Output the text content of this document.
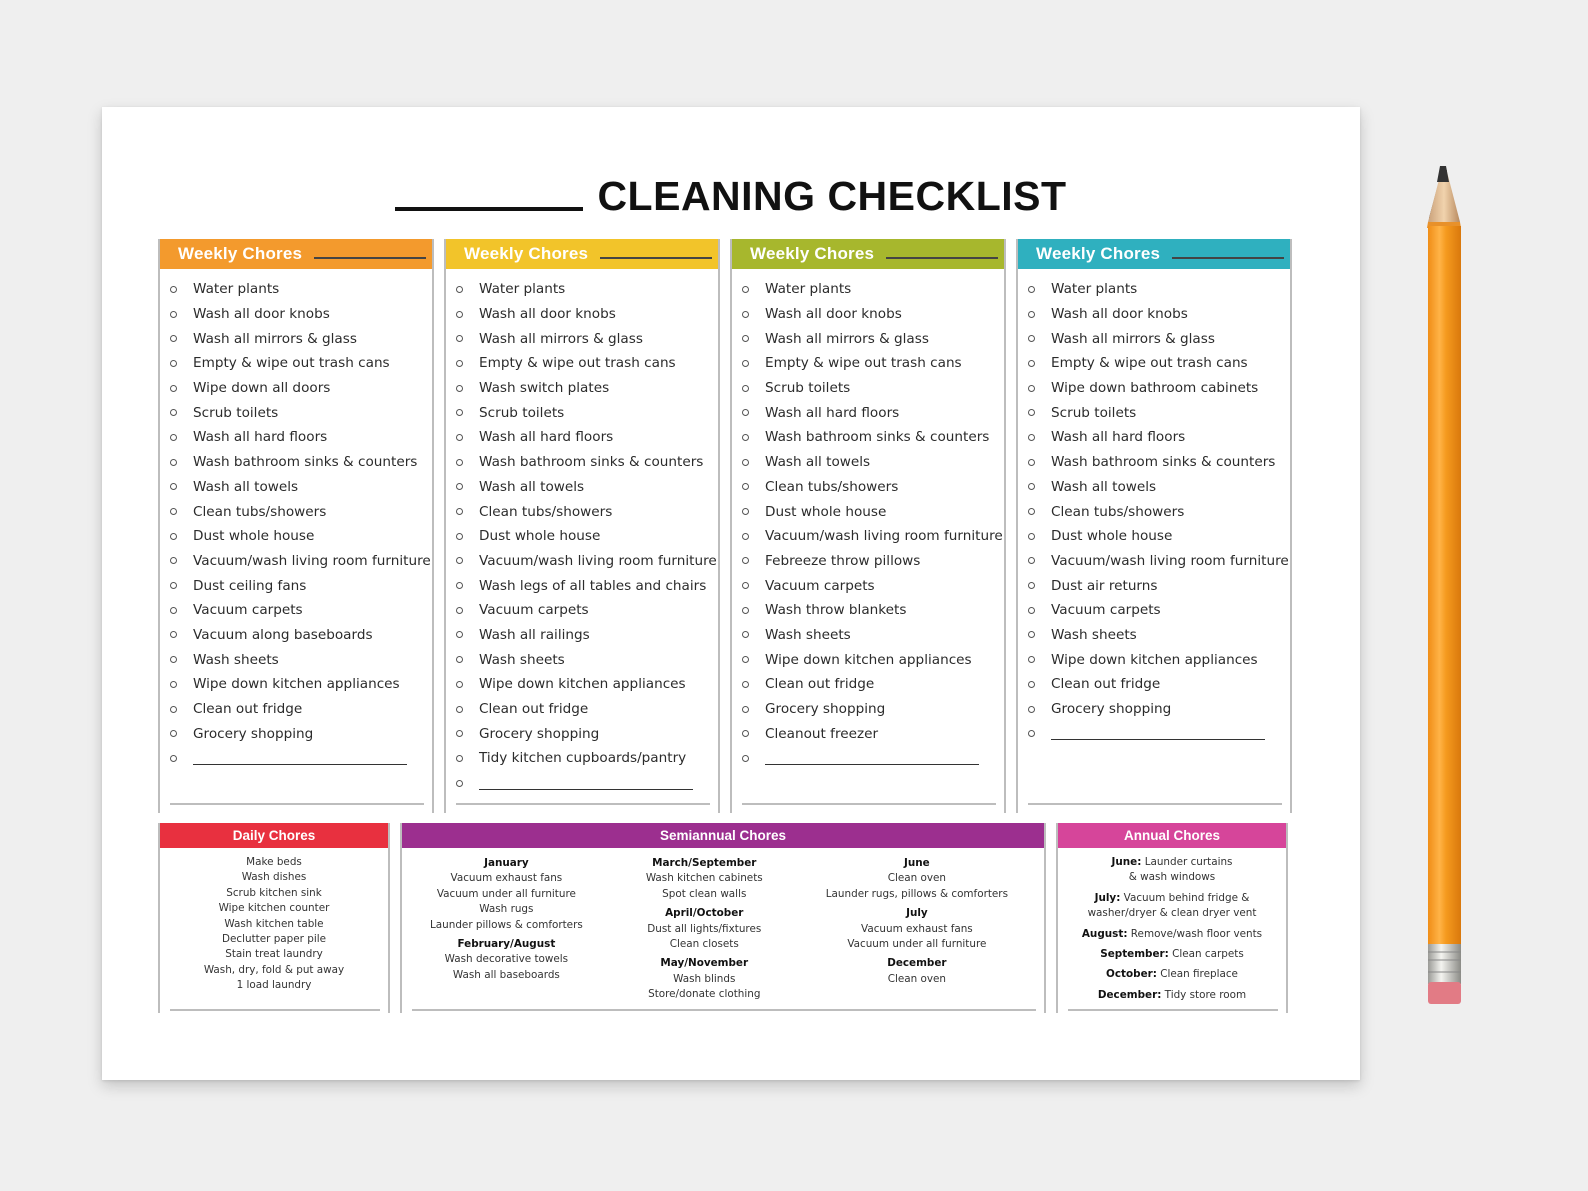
CLEANING CHECKLIST
Weekly Chores
Water plants
Wash all door knobs
Wash all mirrors & glass
Empty & wipe out trash cans
Wipe down all doors
Scrub toilets
Wash all hard floors
Wash bathroom sinks & counters
Wash all towels
Clean tubs/showers
Dust whole house
Vacuum/wash living room furniture
Dust ceiling fans
Vacuum carpets
Vacuum along baseboards
Wash sheets
Wipe down kitchen appliances
Clean out fridge
Grocery shopping
Weekly Chores
Water plants
Wash all door knobs
Wash all mirrors & glass
Empty & wipe out trash cans
Wash switch plates
Scrub toilets
Wash all hard floors
Wash bathroom sinks & counters
Wash all towels
Clean tubs/showers
Dust whole house
Vacuum/wash living room furniture
Wash legs of all tables and chairs
Vacuum carpets
Wash all railings
Wash sheets
Wipe down kitchen appliances
Clean out fridge
Grocery shopping
Tidy kitchen cupboards/pantry
Weekly Chores
Water plants
Wash all door knobs
Wash all mirrors & glass
Empty & wipe out trash cans
Scrub toilets
Wash all hard floors
Wash bathroom sinks & counters
Wash all towels
Clean tubs/showers
Dust whole house
Vacuum/wash living room furniture
Febreeze throw pillows
Vacuum carpets
Wash throw blankets
Wash sheets
Wipe down kitchen appliances
Clean out fridge
Grocery shopping
Cleanout freezer
Weekly Chores
Water plants
Wash all door knobs
Wash all mirrors & glass
Empty & wipe out trash cans
Wipe down bathroom cabinets
Scrub toilets
Wash all hard floors
Wash bathroom sinks & counters
Wash all towels
Clean tubs/showers
Dust whole house
Vacuum/wash living room furniture
Dust air returns
Vacuum carpets
Wash sheets
Wipe down kitchen appliances
Clean out fridge
Grocery shopping
Daily Chores
Make beds
Wash dishes
Scrub kitchen sink
Wipe kitchen counter
Wash kitchen table
Declutter paper pile
Stain treat laundry
Wash, dry, fold & put away
1 load laundry
Semiannual Chores
January
Vacuum exhaust fans
Vacuum under all furniture
Wash rugs
Launder pillows & comforters
February/August
Wash decorative towels
Wash all baseboards
March/September
Wash kitchen cabinets
Spot clean walls
April/October
Dust all lights/fixtures
Clean closets
May/November
Wash blinds
Store/donate clothing
June
Clean oven
Launder rugs, pillows & comforters
July
Vacuum exhaust fans
Vacuum under all furniture
December
Clean oven
Annual Chores
June: Launder curtains
& wash windows
July: Vacuum behind fridge &
washer/dryer & clean dryer vent
August: Remove/wash floor vents
September: Clean carpets
October: Clean fireplace
December: Tidy store room
